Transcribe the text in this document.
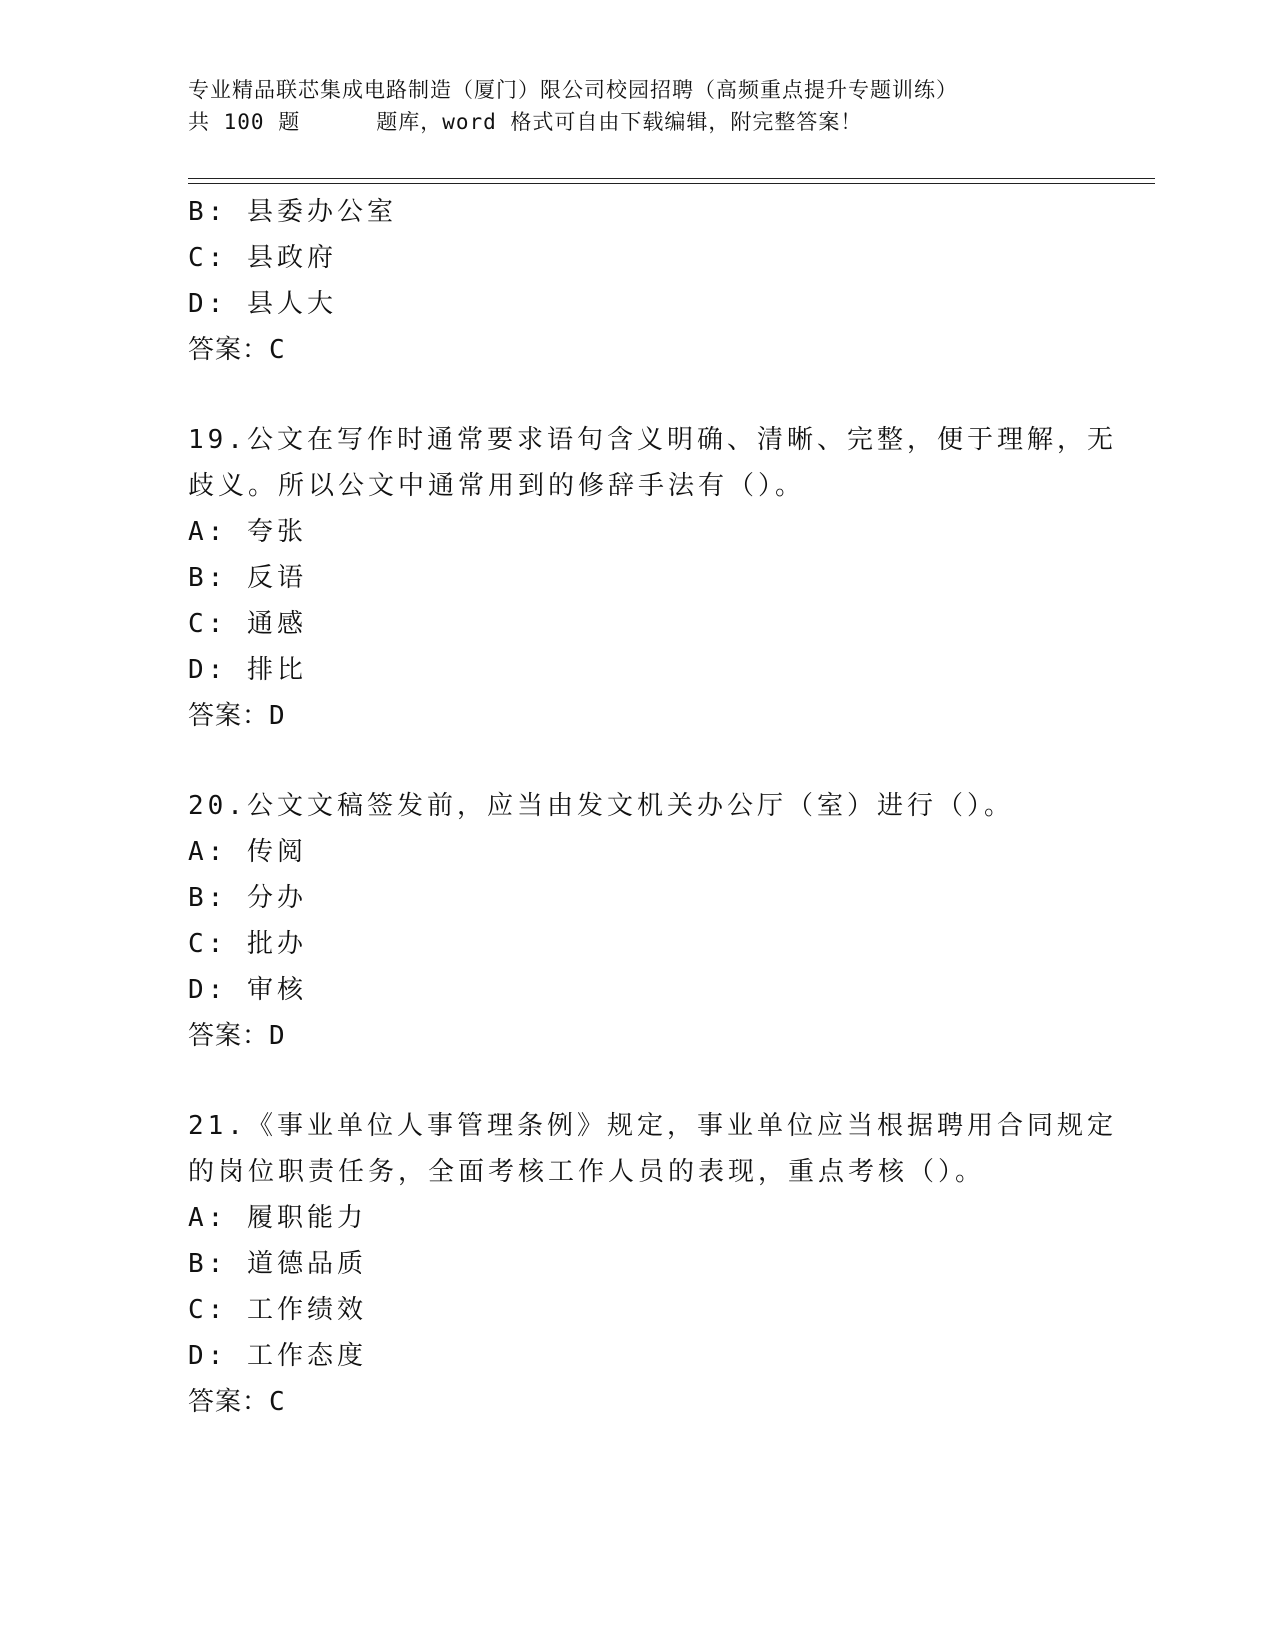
专业精品联芯集成电路制造（厦门）限公司校园招聘（高频重点提升专题训练）
共 100 题	题库，word 格式可自由下载编辑，附完整答案！
B: 县委办公室
C: 县政府
D: 县人大
答案：C
19.公文在写作时通常要求语句含义明确、清晰、完整，便于理解，无
歧义。所以公文中通常用到的修辞手法有（）。
A: 夸张
B: 反语
C: 通感
D: 排比
答案：D
20.公文文稿签发前，应当由发文机关办公厅（室）进行（）。
A: 传阅
B: 分办
C: 批办
D: 审核
答案：D
21.《事业单位人事管理条例》规定，事业单位应当根据聘用合同规定
的岗位职责任务，全面考核工作人员的表现，重点考核（）。
A: 履职能力
B: 道德品质
C: 工作绩效
D: 工作态度
答案：C
